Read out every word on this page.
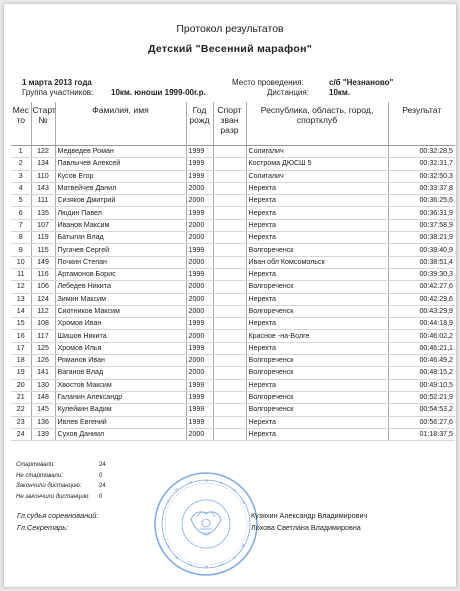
Протокол результатов
Детский "Весенний марафон"
1 марта 2013 года
Группа участников: 10км. юноши 1999-00г.р.
Место проведения:	с/б "Незнаново"
Дистанция:	10км.
Мес то	Старт №	Фамилия, имя	Год рожд	Спорт зван разр	Республика, область, город, спортклуб	Результат
1	122	Медведев Роман	1999		Солигалич	00:32:28,5
2	134	Павлычев Алексей	1999		Кострома ДЮСШ 5	00:32:31,7
3	110	Кусов Егор	1999		Солигалич	00:32:50,3
4	143	Матвейчев Данил	2000		Нерехта	00:33:37,8
5	111	Сизяков Дмитрий	2000		Нерехта	00:36:25,6
6	135	Людин Павел	1999		Нерехта	00:36:31,9
7	107	Иванов Максим	2000		Нерехта	00:37:58,9
8	119	Батыгин Влад	2000		Нерехта	00:38:21,9
9	115	Пугачев Сергей	1999		Волгореченск	00:38:40,9
10	149	Почкин Степан	2000		Иван обл Комсомольск	00:38:51,4
11	116	Артамонов Борис	1999		Нерехта	00:39:30,3
12	106	Лебедев Никита	2000		Волгореченск	00:42:27,6
13	124	Зимин Максим	2000		Нерехта	00:42:29,6
14	112	Сиотников Максим	2000		Волгореченск	00:43:29,9
15	108	Хромов Иван	1999		Нерехта	00:44:18,9
16	117	Шишов Никита	2000		Красное -на-Волге	00:46:02,2
17	125	Хромов Илья	1999		Нерехта	00:46:21,1
18	126	Романов Иван	2000		Волгореченск	00:46:49,2
19	141	Ваганов Влад	2000		Волгореченск	00:48:15,2
20	130	Хвостов Максим	1999		Нерехта	00:49:10,5
21	148	Галанин Александр	1999		Волгореченск	00:52:21,9
22	145	Кулейкин Вадим	1999		Волгореченск	00:54:53,2
23	136	Ивлев Евгений	1999		Нерехта	00:56:27,6
24	139	Сухов Даниил	2000		Нерехта	01:18:37,5
Стартовали:	24
Не стартовали:	0
Закончили дистанцию:	24
Не закончили дистанцию: 0
Гл.судья соревнований:	Кузяхин Александр Владимирович
Гл.Секретарь:	Лохова Светлана Владимировна
